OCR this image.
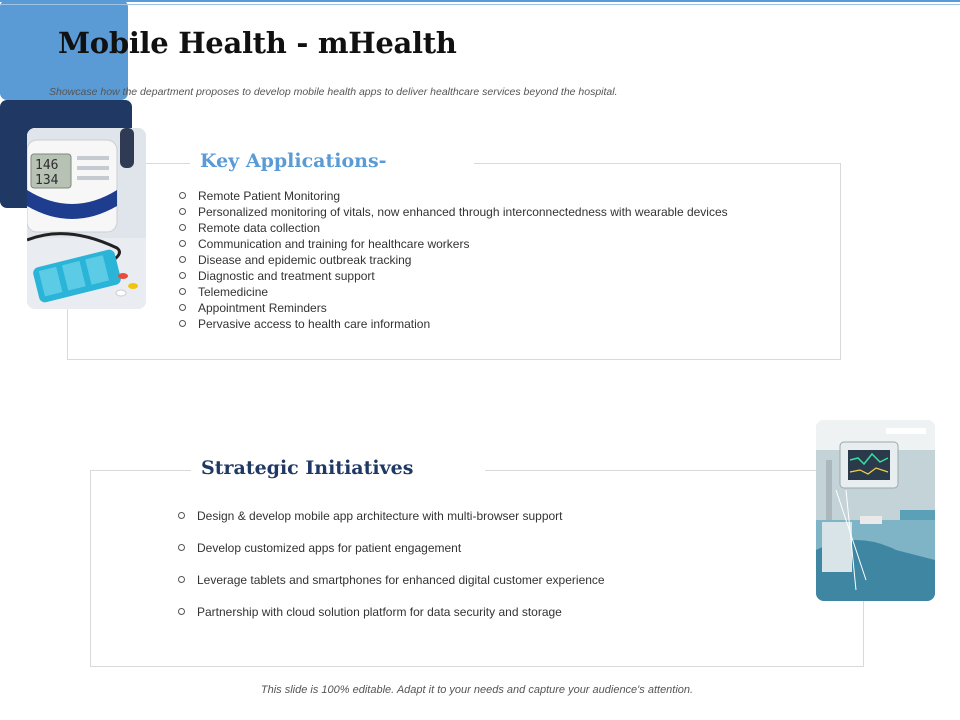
Mobile Health - mHealth

Showcase how the department proposes to develop mobile health apps to deliver healthcare services beyond the hospital.

Key Applications-
Remote Patient Monitoring
Personalized monitoring of vitals, now enhanced through interconnectedness with wearable devices
Remote data collection
Communication and training for healthcare workers
Disease and epidemic outbreak tracking
Diagnostic and treatment support
Telemedicine
Appointment Reminders
Pervasive access to health care information
Strategic Initiatives
Design & develop mobile app architecture with multi-browser support
Develop customized apps for patient engagement
Leverage tablets and smartphones for enhanced digital customer experience
Partnership with cloud solution platform for data security and storage
146
134

This slide is 100% editable. Adapt it to your needs and capture your audience's attention.
